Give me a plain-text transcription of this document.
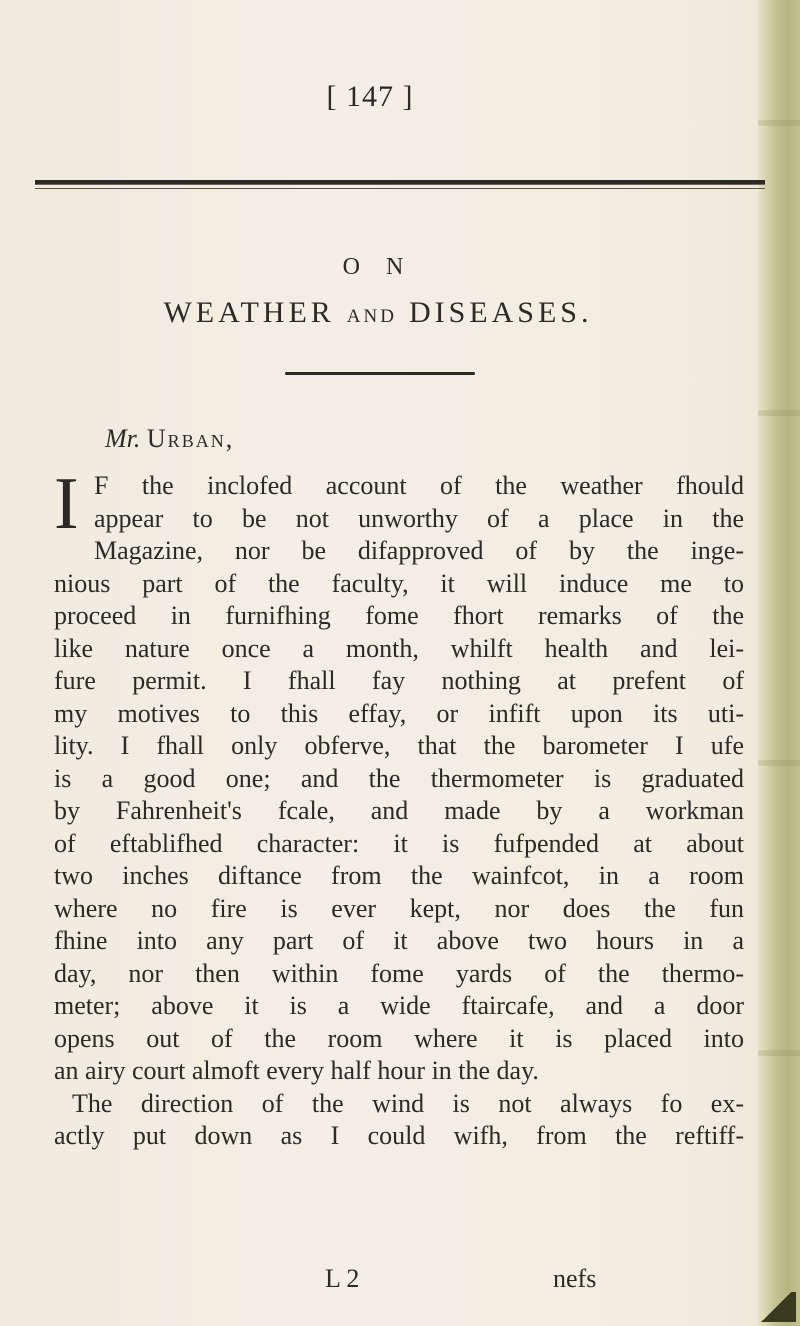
[ 147 ]
O N
WEATHER AND DISEASES.
Mr. Urban,
I F the inclofed account of the weather fhould
appear to be not unworthy of a place in the
Magazine, nor be difapproved of by the inge-
nious part of the faculty, it will induce me to
proceed in furnifhing fome fhort remarks of the
like nature once a month, whilft health and lei-
fure permit. I fhall fay nothing at prefent of
my motives to this effay, or infift upon its uti-
lity. I fhall only obferve, that the barometer I ufe
is a good one; and the thermometer is graduated
by Fahrenheit's fcale, and made by a workman
of eftablifhed character: it is fufpended at about
two inches diftance from the wainfcot, in a room
where no fire is ever kept, nor does the fun
fhine into any part of it above two hours in a
day, nor then within fome yards of the thermo-
meter; above it is a wide ftaircafe, and a door
opens out of the room where it is placed into
an airy court almoft every half hour in the day.
The direction of the wind is not always fo ex-
actly put down as I could wifh, from the reftiff-
L 2	nefs
